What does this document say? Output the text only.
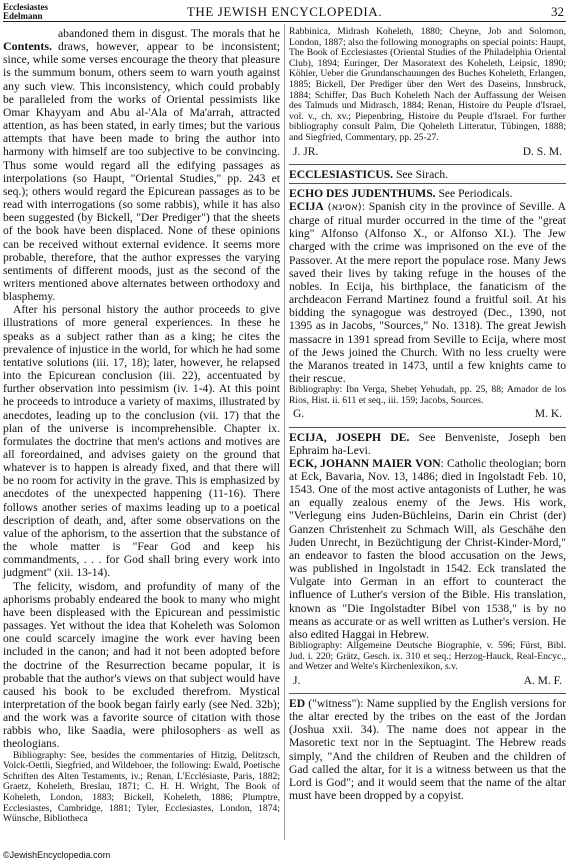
Ecclesiastes
Edelmann	THE JEWISH ENCYCLOPEDIA.	32
Contents.
abandoned them in disgust. The morals that he draws, however, appear to be inconsistent; since, while some verses encourage the theory that pleasure is the summum bonum, others seem to warn youth against any such view. This inconsistency, which could probably be paralleled from the works of Oriental pessimists like Omar Khayyam and Abu al-'Ala of Ma'arrah, attracted attention, as has been stated, in early times; but the various attempts that have been made to bring the author into harmony with himself are too subjective to be convincing. Thus some would regard all the edifying passages as interpolations (so Haupt, "Oriental Studies," pp. 243 et seq.); others would regard the Epicurean passages as to be read with interrogations (so some rabbis), while it has also been suggested (by Bickell, "Der Prediger") that the sheets of the book have been displaced. None of these opinions can be received without external evidence. It seems more probable, therefore, that the author expresses the varying sentiments of different moods, just as the second of the writers mentioned above alternates between orthodoxy and blasphemy.
After his personal history the author proceeds to give illustrations of more general experiences. In these he speaks as a subject rather than as a king; he cites the prevalence of injustice in the world, for which he had some tentative solutions (iii. 17, 18); later, however, he relapsed into the Epicurean conclusion (iii. 22), accentuated by further observation into pessimism (iv. 1-4). At this point he proceeds to introduce a variety of maxims, illustrated by anecdotes, leading up to the conclusion (vii. 17) that the plan of the universe is incomprehensible. Chapter ix. formulates the doctrine that men's actions and motives are all foreordained, and advises gaiety on the ground that whatever is to happen is already fixed, and that there will be no room for activity in the grave. This is emphasized by anecdotes of the unexpected happening (11-16). There follows another series of maxims leading up to a poetical description of death, and, after some observations on the value of the aphorism, to the assertion that the substance of the whole matter is "Fear God and keep his commandments, . . . for God shall bring every work into judgment" (xii. 13-14).
The felicity, wisdom, and profundity of many of the aphorisms probably endeared the book to many who might have been displeased with the Epicurean and pessimistic passages. Yet without the idea that Koheleth was Solomon one could scarcely imagine the work ever having been included in the canon; and had it not been adopted before the doctrine of the Resurrection became popular, it is probable that the author's views on that subject would have caused his book to be excluded therefrom. Mystical interpretation of the book began fairly early (see Ned. 32b); and the work was a favorite source of citation with those rabbis who, like Saadia, were philosophers as well as theologians.
Bibliography: See, besides the commentaries of Hitzig, Delitzsch, Volck-Oettli, Siegfried, and Wildeboer, the following: Ewald, Poetische Schriften des Alten Testaments, iv.; Renan, L'Ecclésiaste, Paris, 1882; Graetz, Koheleth, Breslau, 1871; C. H. H. Wright, The Book of Koheleth, London, 1883; Bickell, Koheleth, 1886; Plumptre, Ecclesiastes, Cambridge, 1881; Tyler, Ecclesiastes, London, 1874; Wünsche, Bibliotheca
Rabbinica, Midrash Koheleth, 1880; Cheyne, Job and Solomon, London, 1887; also the following monographs on special points: Haupt, The Book of Ecclesiastes (Oriental Studies of the Philadelphia Oriental Club), 1894; Euringer, Der Masoratext des Koheleth, Leipsic, 1890; Köhler, Ueber die Grundanschauungen des Buches Koheleth, Erlangen, 1885; Bickell, Der Prediger über den Wert des Daseins, Innsbruck, 1884; Schiffer, Das Buch Koheleth Nach der Auffassung der Weisen des Talmuds und Midrasch, 1884; Renan, Histoire du Peuple d'Israel, vol. v., ch. xv.; Piepenbring, Histoire du Peuple d'Israel. For further bibliography consult Palm, Die Qoheleth Litteratur, Tübingen, 1888; and Siegfried, Commentary, pp. 25-27.
J. JR.	D. S. M.
ECCLESIASTICUS. See Sirach.
ECHO DES JUDENTHUMS. See Periodicals.
ECIJA (אסיגא): Spanish city in the province of Seville. A charge of ritual murder occurred in the time of the "great king" Alfonso (Alfonso X., or Alfonso XI.). The Jew charged with the crime was imprisoned on the eve of the Passover. At the mere report the populace rose. Many Jews saved their lives by taking refuge in the houses of the nobles. In Ecija, his birthplace, the fanaticism of the archdeacon Ferrand Martinez found a fruitful soil. At his bidding the synagogue was destroyed (Dec., 1390, not 1395 as in Jacobs, "Sources," No. 1318). The great Jewish massacre in 1391 spread from Seville to Ecija, where most of the Jews joined the Church. With no less cruelty were the Maranos treated in 1473, until a few knights came to their rescue.
Bibliography: Ibn Verga, Shebeṭ Yehudah, pp. 25, 88; Amador de los Rios, Hist. ii. 611 et seq., iii. 159; Jacobs, Sources.
G.	M. K.
ECIJA, JOSEPH DE. See Benveniste, Joseph ben Ephraim ha-Levi.
ECK, JOHANN MAIER VON: Catholic theologian; born at Eck, Bavaria, Nov. 13, 1486; died in Ingolstadt Feb. 10, 1543. One of the most active antagonists of Luther, he was an equally zealous enemy of the Jews. His work, "Verlegung eins Juden-Büchleins, Darin ein Christ (der) Ganzen Christenheit zu Schmach Will, als Geschähe den Juden Unrecht, in Bezüchtigung der Christ-Kinder-Mord," an endeavor to fasten the blood accusation on the Jews, was published in Ingolstadt in 1542. Eck translated the Vulgate into German in an effort to counteract the influence of Luther's version of the Bible. His translation, known as "Die Ingolstadter Bibel von 1538," is by no means as accurate or as well written as Luther's version. He also edited Haggai in Hebrew.
Bibliography: Allgemeine Deutsche Biographie, v. 596; Fürst, Bibl. Jud. i. 220; Grätz, Gesch. ix. 310 et seq.; Herzog-Hauck, Real-Encyc., and Wetzer and Welte's Kirchenlexikon, s.v.
J.	A. M. F.
ED ("witness"): Name supplied by the English versions for the altar erected by the tribes on the east of the Jordan (Joshua xxii. 34). The name does not appear in the Masoretic text nor in the Septuagint. The Hebrew reads simply, "And the children of Reuben and the children of Gad called the altar, for it is a witness between us that the Lord is God"; and it would seem that the name of the altar must have been dropped by a copyist.
©JewishEncyclopedia.com
